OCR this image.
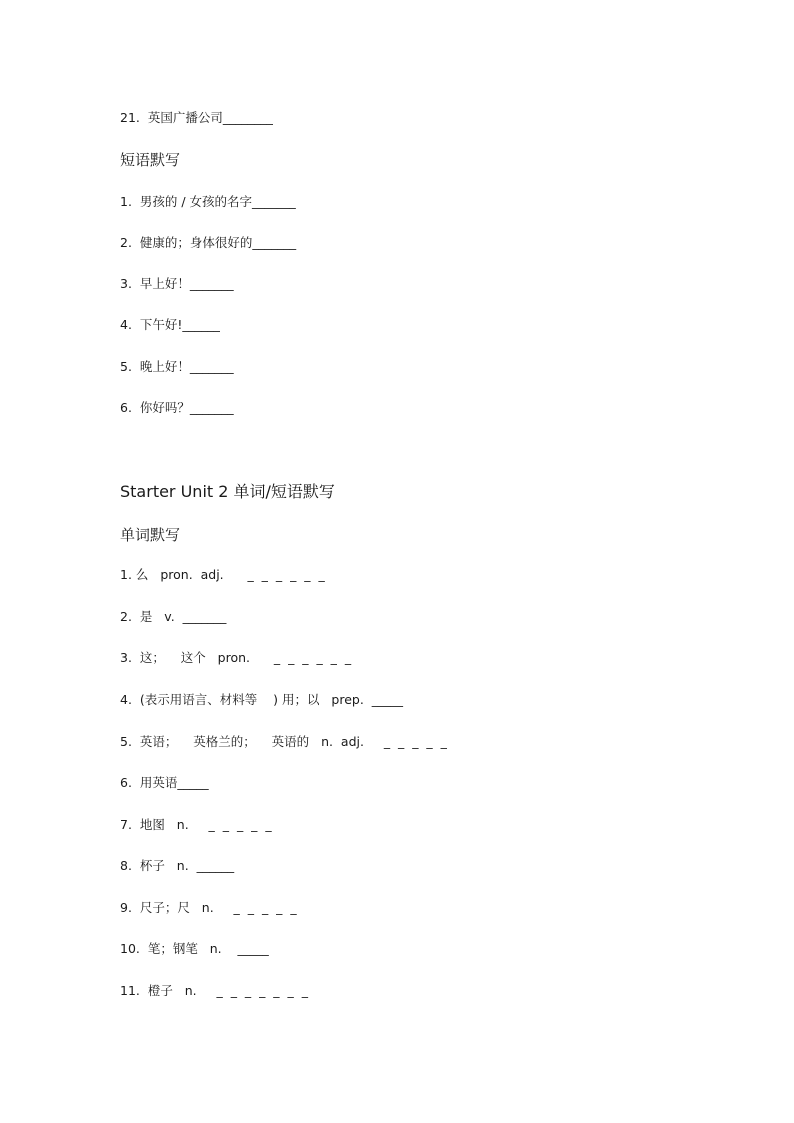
21.  英国广播公司________
短语默写
1.  男孩的 / 女孩的名字_______
2.  健康的；身体很好的_______
3.  早上好！_______
4.  下午好!______
5.  晚上好！_______
6.  你好吗？_______
Starter Unit 2 单词/短语默写
单词默写
1. 么   pron.  adj.      _  _  _  _  _  _
2.  是   v.  _______
3.  这；    这个   pron.      _  _  _  _  _  _
4.  (表示用语言、材料等    ) 用；以   prep.  _____
5.  英语；    英格兰的；    英语的   n.  adj.     _  _  _  _  _
6.  用英语_____
7.  地图   n.     _  _  _  _  _
8.  杯子   n.  ______
9.  尺子；尺   n.     _  _  _  _  _
10.  笔；钢笔   n.    _____
11.  橙子   n.     _  _  _  _  _  _  _
